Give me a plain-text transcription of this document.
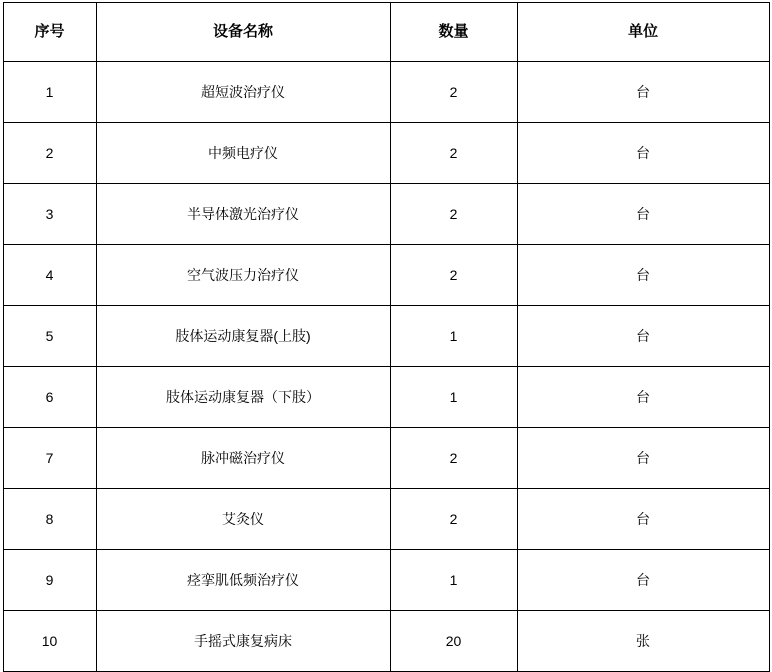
序号	设备名称	数量	单位

1	超短波治疗仪	2	台

2	中频电疗仪	2	台

3	半导体激光治疗仪	2	台

4	空气波压力治疗仪	2	台

5	肢体运动康复器(上肢)	1	台

6	肢体运动康复器（下肢）	1	台

7	脉冲磁治疗仪	2	台

8	艾灸仪	2	台

9	痉挛肌低频治疗仪	1	台

10	手摇式康复病床	20	张
